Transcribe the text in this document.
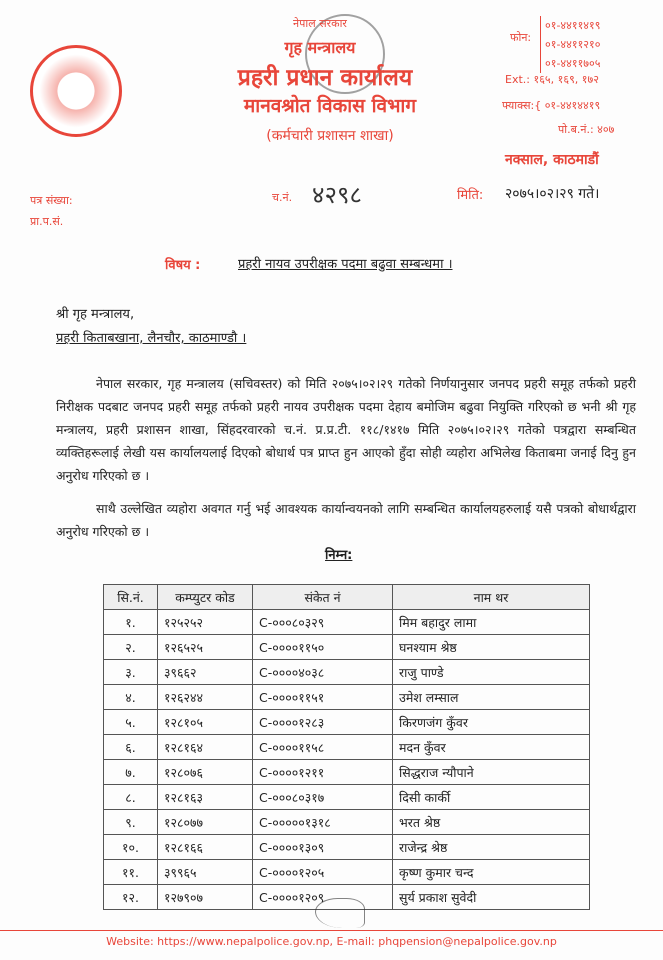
नेपाल सरकार
गृह मन्त्रालय
प्रहरी प्रधान कार्यालय
मानवश्रोत विकास विभाग
(कर्मचारी प्रशासन शाखा)
फोन:
०१-४४११४१९
०१-४४११२१०
०१-४४११७०५
Ext.: १६५, १६९, १७२
फ्याक्स:{ ०१-४४१४४१९
पो.ब.नं.: ४०७
नक्साल, काठमाडौं
पत्र संख्या:
प्रा.प.सं.
च.नं. ४२९८	मिति: २०७५।०२।२९ गते।
विषय :	प्रहरी नायव उपरीक्षक पदमा बढुवा सम्बन्धमा ।
श्री गृह मन्त्रालय,
प्रहरी किताबखाना, लैनचौर, काठमाण्डौ ।

नेपाल सरकार, गृह मन्त्रालय (सचिवस्तर) को मिति २०७५।०२।२९ गतेको निर्णयानुसार जनपद प्रहरी समूह तर्फको प्रहरी निरीक्षक पदबाट जनपद प्रहरी समूह तर्फको प्रहरी नायव उपरीक्षक पदमा देहाय बमोजिम बढुवा नियुक्ति गरिएको छ भनी श्री गृह मन्त्रालय, प्रहरी प्रशासन शाखा, सिंहदरवारको च.नं. प्र.प्र.टी. ११८/१४१७ मिति २०७५।०२।२९ गतेको पत्रद्वारा सम्बन्धित व्यक्तिहरूलाई लेखी यस कार्यालयलाई दिएको बोधार्थ पत्र प्राप्त हुन आएको हुँदा सोही व्यहोरा अभिलेख किताबमा जनाई दिनु हुन अनुरोध गरिएको छ ।

साथै उल्लेखित व्यहोरा अवगत गर्नु भई आवश्यक कार्यान्वयनको लागि सम्बन्धित कार्यालयहरुलाई यसै पत्रको बोधार्थद्वारा अनुरोध गरिएको छ ।

निम्न:
सि.नं.	कम्प्युटर कोड	संकेत नं	नाम थर
१.	१२५२५२	C-०००८०३२९	मिम बहादुर लामा
२.	१२६५२५	C-००००११५०	घनश्याम श्रेष्ठ
३.	३९६६२	C-००००४०३८	राजु पाण्डे
४.	१२६२४४	C-००००११५१	उमेश लम्साल
५.	१२८१०५	C-००००१२८३	किरणजंग कुँवर
६.	१२८१६४	C-००००११५८	मदन कुँवर
७.	१२८०७६	C-००००१२११	सिद्धराज न्यौपाने
८.	१२८१६३	C-०००८०३१७	दिसी कार्की
९.	१२८०७७	C-०००००१३१८	भरत श्रेष्ठ
१०.	१२८१६६	C-००००१३०९	राजेन्द्र श्रेष्ठ
११.	३९९६५	C-००००१२०५	कृष्ण कुमार चन्द
१२.	१२७९०७	C-००००१२०९	सुर्य प्रकाश सुवेदी
Website: https://www.nepalpolice.gov.np, E-mail: phqpension@nepalpolice.gov.np
